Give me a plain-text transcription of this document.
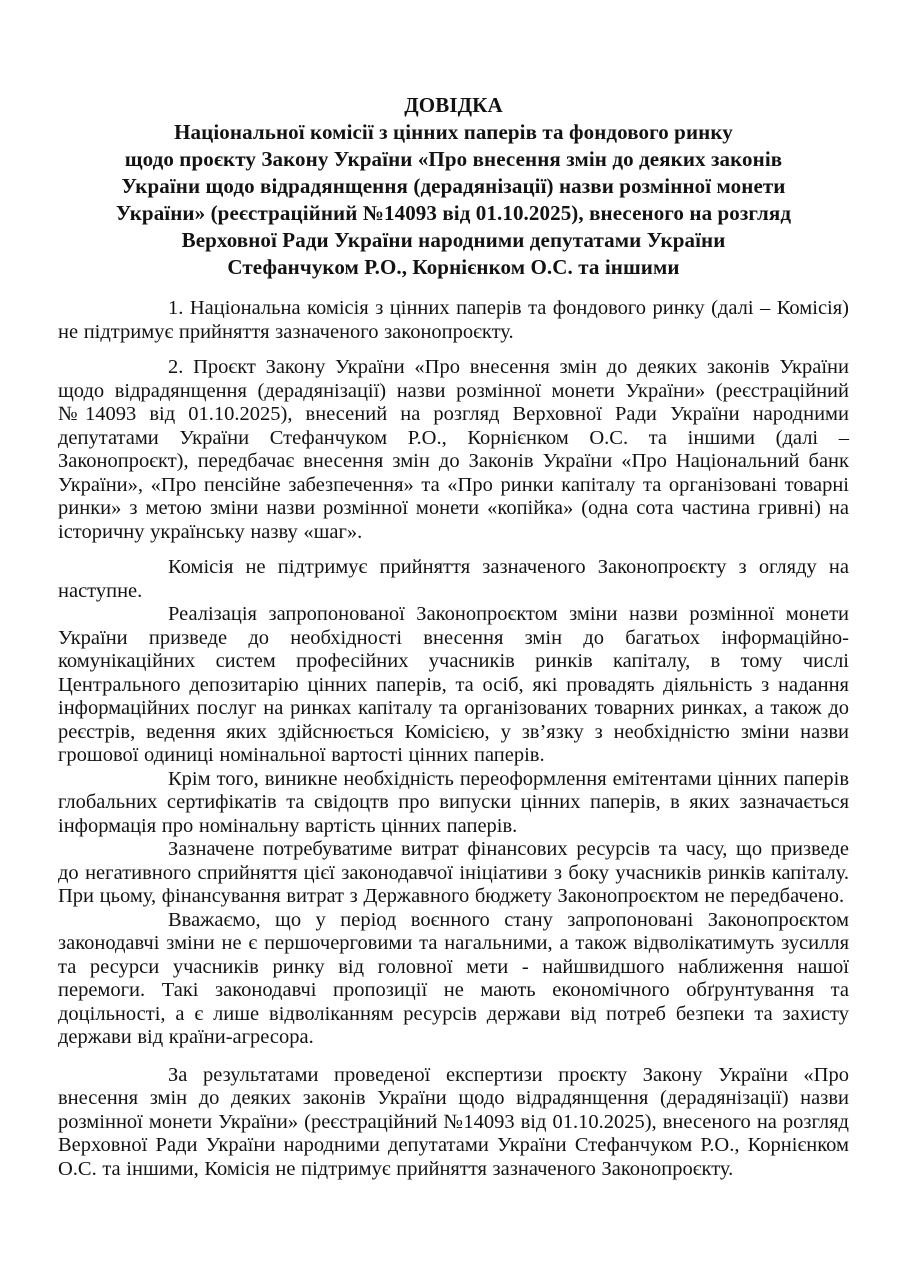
ДОВІДКА
Національної комісії з цінних паперів та фондового ринку
щодо проєкту Закону України «Про внесення змін до деяких законів
України щодо відрадянщення (дерадянізації) назви розмінної монети
України» (реєстраційний №14093 від 01.10.2025), внесеного на розгляд
Верховної Ради України народними депутатами України
Стефанчуком Р.О., Корнієнком О.С. та іншими

1. Національна комісія з цінних паперів та фондового ринку (далі – Комісія) не підтримує прийняття зазначеного законопроєкту.

2. Проєкт Закону України «Про внесення змін до деяких законів України щодо відрадянщення (дерадянізації) назви розмінної монети України» (реєстраційний №14093 від 01.10.2025), внесений на розгляд Верховної Ради України народними депутатами України Стефанчуком Р.О., Корнієнком О.С. та іншими (далі – Законопроєкт), передбачає внесення змін до Законів України «Про Національний банк України», «Про пенсійне забезпечення» та «Про ринки капіталу та організовані товарні ринки» з метою зміни назви розмінної монети «копійка» (одна сота частина гривні) на історичну українську назву «шаг».

Комісія не підтримує прийняття зазначеного Законопроєкту з огляду на наступне.

Реалізація запропонованої Законопроєктом зміни назви розмінної монети України призведе до необхідності внесення змін до багатьох інформаційно-комунікаційних систем професійних учасників ринків капіталу, в тому числі Центрального депозитарію цінних паперів, та осіб, які провадять діяльність з надання інформаційних послуг на ринках капіталу та організованих товарних ринках, а також до реєстрів, ведення яких здійснюється Комісією, у зв’язку з необхідністю зміни назви грошової одиниці номінальної вартості цінних паперів.

Крім того, виникне необхідність переоформлення емітентами цінних паперів глобальних сертифікатів та свідоцтв про випуски цінних паперів, в яких зазначається інформація про номінальну вартість цінних паперів.

Зазначене потребуватиме витрат фінансових ресурсів та часу, що призведе до негативного сприйняття цієї законодавчої ініціативи з боку учасників ринків капіталу. При цьому, фінансування витрат з Державного бюджету Законопроєктом не передбачено.

Вважаємо, що у період воєнного стану запропоновані Законопроєктом законодавчі зміни не є першочерговими та нагальними, а також відволікатимуть зусилля та ресурси учасників ринку від головної мети - найшвидшого наближення нашої перемоги. Такі законодавчі пропозиції не мають економічного обґрунтування та доцільності, а є лише відволіканням ресурсів держави від потреб безпеки та захисту держави від країни-агресора.

За результатами проведеної експертизи проєкту Закону України «Про внесення змін до деяких законів України щодо відрадянщення (дерадянізації) назви розмінної монети України» (реєстраційний №14093 від 01.10.2025), внесеного на розгляд Верховної Ради України народними депутатами України Стефанчуком Р.О., Корнієнком О.С. та іншими, Комісія не підтримує прийняття зазначеного Законопроєкту.
